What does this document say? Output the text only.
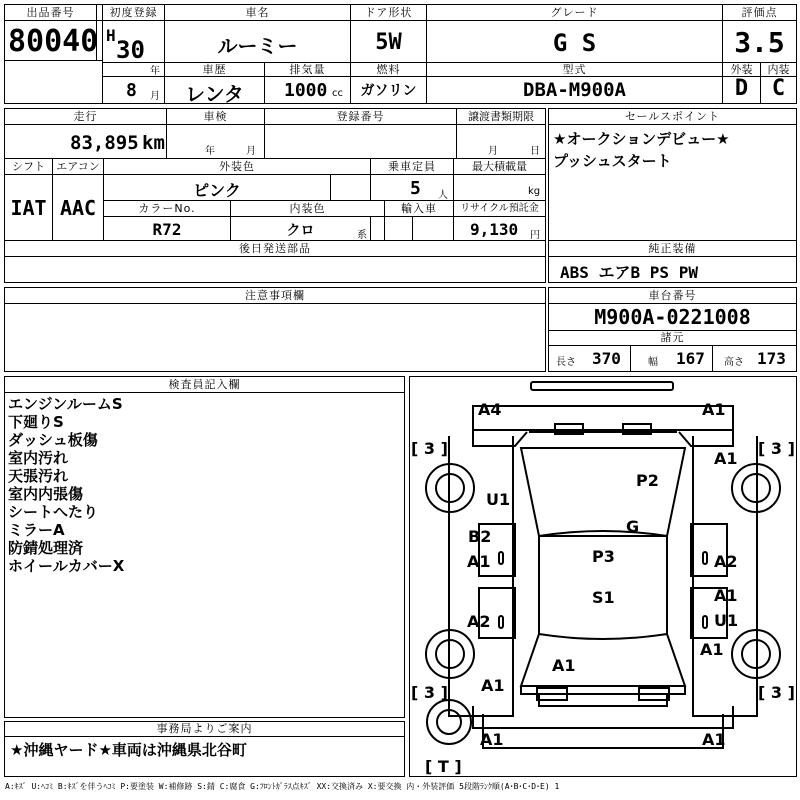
出品番号
80040
初度登録
H
30
年
8 月
車名
ルーミー
車歴
レンタ
排気量
1000 cc
ドア形状
5W
燃料
ガソリン
グレード
G S
型式
DBA-M900A
評価点
3.5
外装
D
内装
C
走行
83,895 km
車検
年	月
登録番号	譲渡書類期限
月	日
シフト
IAT
エアコン
AAC
外装色
ピンク
乗車定員
5 人
最大積載量
kg
カラーNo.
R72
内装色
クロ	系
輸入車	リサイクル預託金
9,130 円
後日発送部品
セールスポイント
★オークションデビュー★
プッシュスタート
純正装備
ABS エアB PS PW
注意事項欄	車台番号
M900A-0221008
諸元
長さ 370	幅 167 高さ 173
検査員記入欄
エンジンルームS
下廻りS
ダッシュ板傷
室内汚れ
天張汚れ
室内内張傷
シートへたり
ミラーA
防錆処理済
ホイールカバーX
事務局よりご案内
★沖縄ヤード★車両は沖縄県北谷町
A4	A1
A1
U1
P2
G
B2
A1	P3	A2
S1	A1
U1
A2
A1
A1
A1
A1	A1
[ 3 ]	[ 3 ]
[ 3 ]	[ 3 ]
[ T ]
A:ｷｽﾞ U:ﾍｺﾐ B:ｷｽﾞを伴うﾍｺﾐ P:要塗装 W:補修跡 S:錆 C:腐食 G:ﾌﾛﾝﾄｶﾞﾗｽ点ｷｽﾞ XX:交換済み X:要交換 内・外装評価 5段階ﾗﾝｸ順(A･B･C･D･E) 1
